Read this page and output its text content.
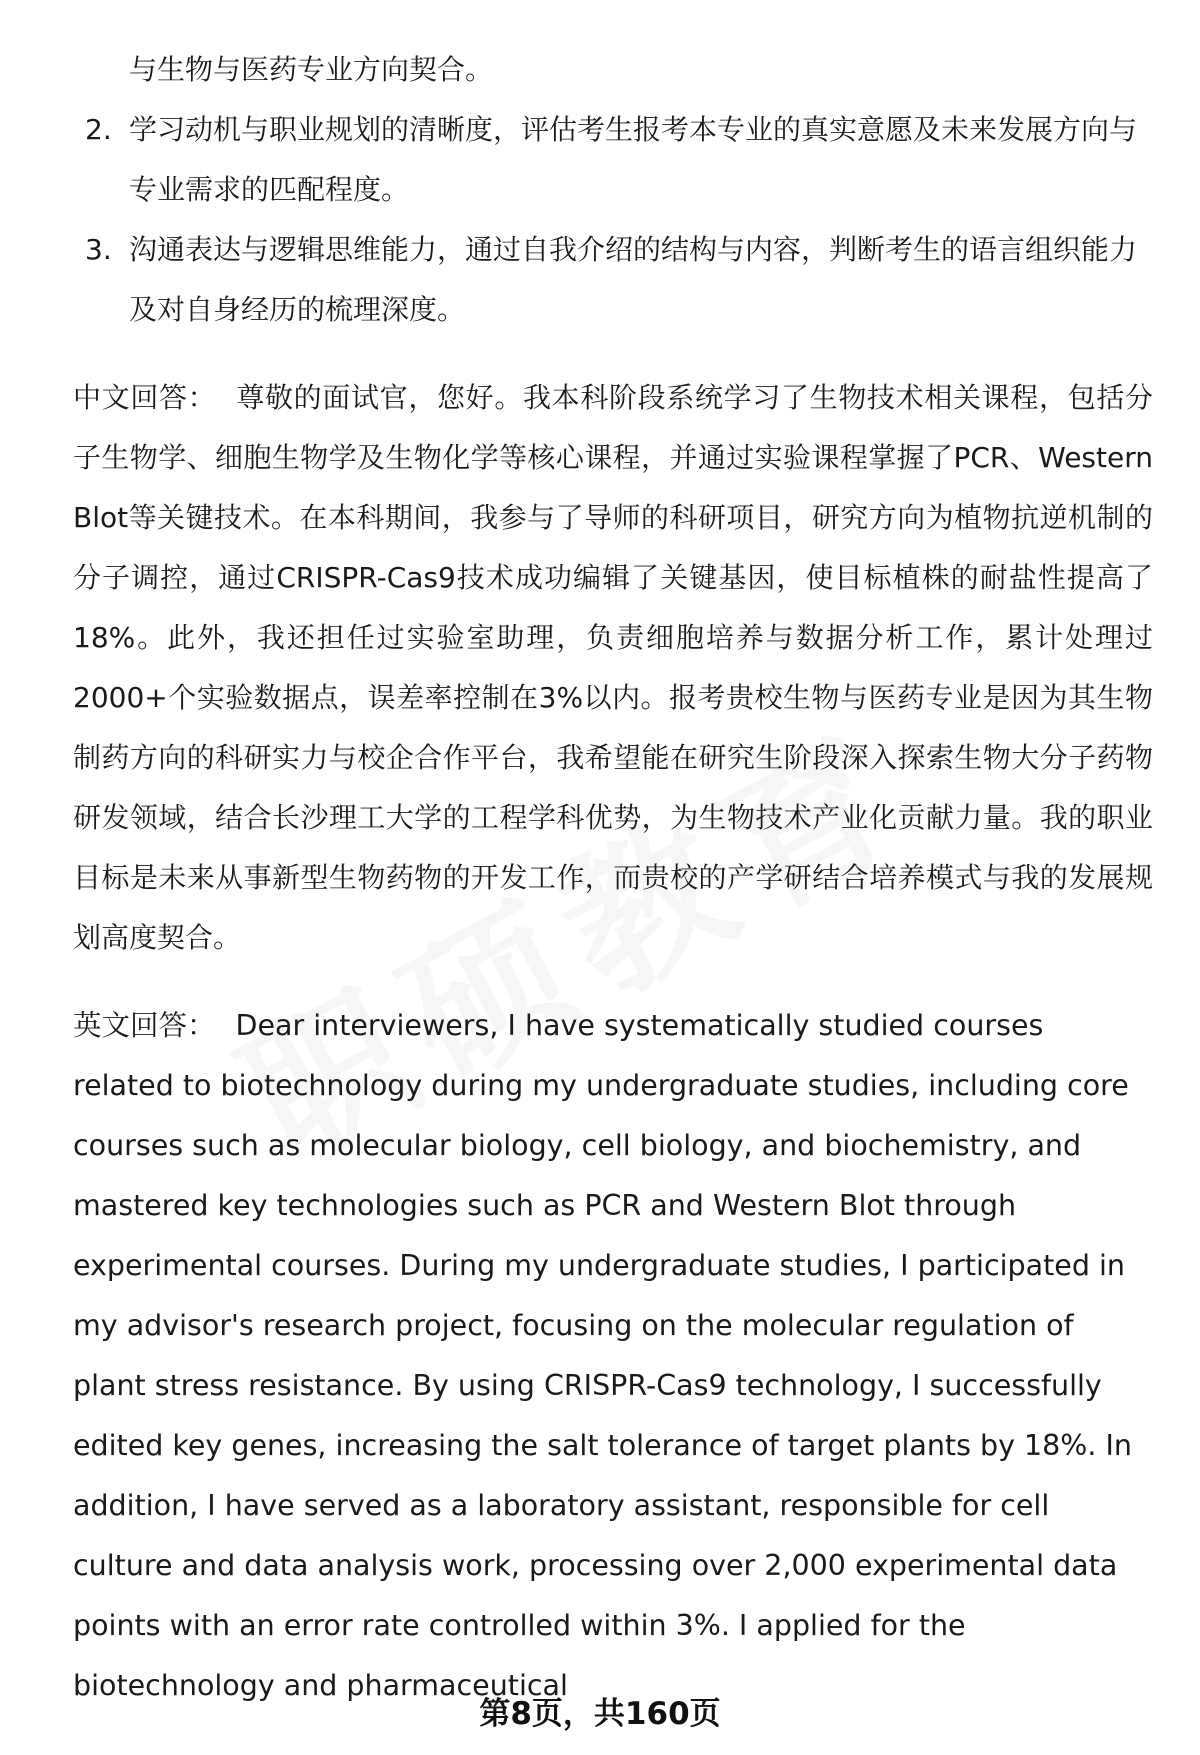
与生物与医药专业方向契合。

2. 学习动机与职业规划的清晰度，评估考生报考本专业的真实意愿及未来发展方向与专业需求的匹配程度。
3. 沟通表达与逻辑思维能力，通过自我介绍的结构与内容，判断考生的语言组织能力及对自身经历的梳理深度。

中文回答： 尊敬的面试官，您好。我本科阶段系统学习了生物技术相关课程，包括分子生物学、细胞生物学及生物化学等核心课程，并通过实验课程掌握了PCR、Western Blot等关键技术。在本科期间，我参与了导师的科研项目，研究方向为植物抗逆机制的分子调控，通过CRISPR-Cas9技术成功编辑了关键基因，使目标植株的耐盐性提高了18%。此外，我还担任过实验室助理，负责细胞培养与数据分析工作，累计处理过2000+个实验数据点，误差率控制在3%以内。报考贵校生物与医药专业是因为其生物制药方向的科研实力与校企合作平台，我希望能在研究生阶段深入探索生物大分子药物研发领域，结合长沙理工大学的工程学科优势，为生物技术产业化贡献力量。我的职业目标是未来从事新型生物药物的开发工作，而贵校的产学研结合培养模式与我的发展规划高度契合。

英文回答： Dear interviewers, I have systematically studied courses related to biotechnology during my undergraduate studies, including core courses such as molecular biology, cell biology, and biochemistry, and mastered key technologies such as PCR and Western Blot through experimental courses. During my undergraduate studies, I participated in my advisor's research project, focusing on the molecular regulation of plant stress resistance. By using CRISPR-Cas9 technology, I successfully edited key genes, increasing the salt tolerance of target plants by 18%. In addition, I have served as a laboratory assistant, responsible for cell culture and data analysis work, processing over 2,000 experimental data points with an error rate controlled within 3%. I applied for the biotechnology and pharmaceutical

第8页，共160页
